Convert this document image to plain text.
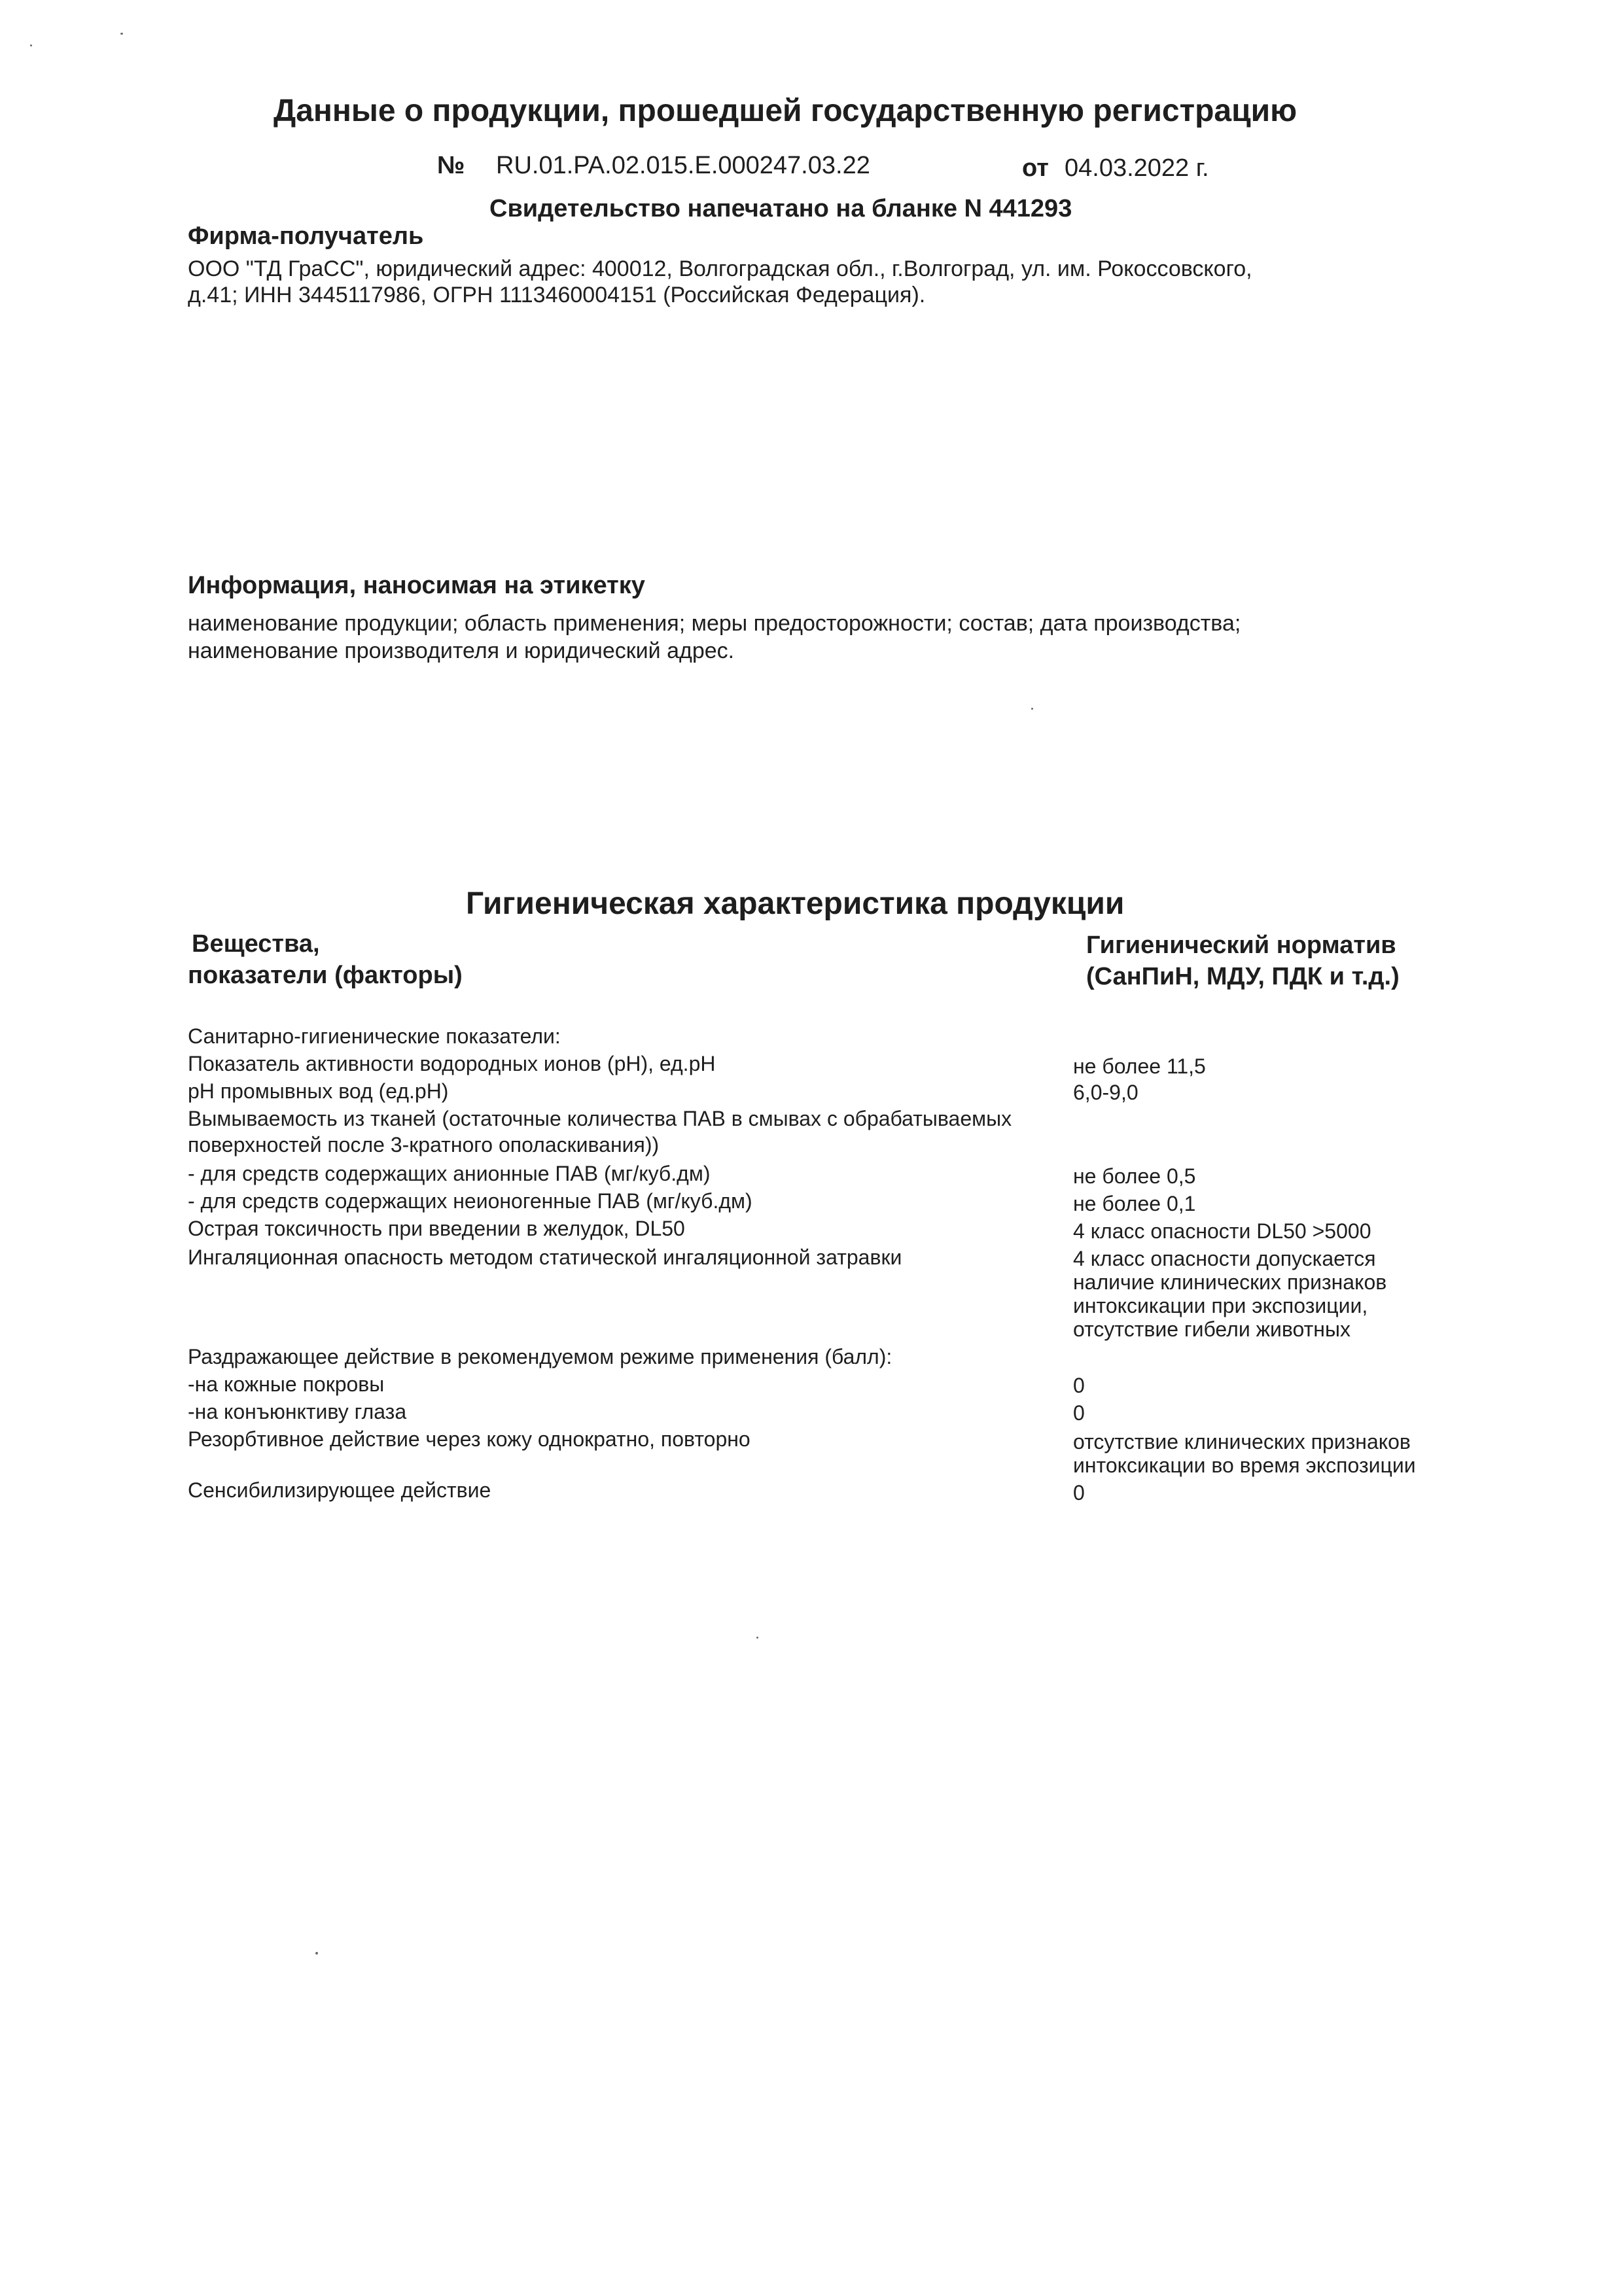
Данные о продукции, прошедшей государственную регистрацию
№ RU.01.PA.02.015.E.000247.03.22	от 04.03.2022 г.
Свидетельство напечатано на бланке N 441293
Фирма-получатель
ООО "ТД ГраСС", юридический адрес: 400012, Волгоградская обл., г.Волгоград, ул. им. Рокоссовского,
д.41; ИНН 3445117986, ОГРН 1113460004151 (Российская Федерация).
Информация, наносимая на этикетку
наименование продукции; область применения; меры предосторожности; состав; дата производства;
наименование производителя и юридический адрес.
Гигиеническая характеристика продукции
Вещества,
показатели (факторы)
Гигиенический норматив
(СанПиН, МДУ, ПДК и т.д.)
Санитарно-гигиенические показатели:
Показатель активности водородных ионов (pH), ед.pH
pH промывных вод (ед.pH)
Вымываемость из тканей (остаточные количества ПАВ в смывах с обрабатываемых
поверхностей после 3-кратного ополаскивания))
- для средств содержащих анионные ПАВ (мг/куб.дм)
- для средств содержащих неионогенные ПАВ (мг/куб.дм)
Острая токсичность при введении в желудок, DL50
Ингаляционная опасность методом статической ингаляционной затравки
Раздражающее действие в рекомендуемом режиме применения (балл):
-на кожные покровы
-на конъюнктиву глаза
Резорбтивное действие через кожу однократно, повторно
Сенсибилизирующее действие
не более 11,5
6,0-9,0
не более 0,5
не более 0,1
4 класс опасности DL50 >5000
4 класс опасности допускается
наличие клинических признаков
интоксикации при экспозиции,
отсутствие гибели животных
0
0
отсутствие клинических признаков
интоксикации во время экспозиции
0
